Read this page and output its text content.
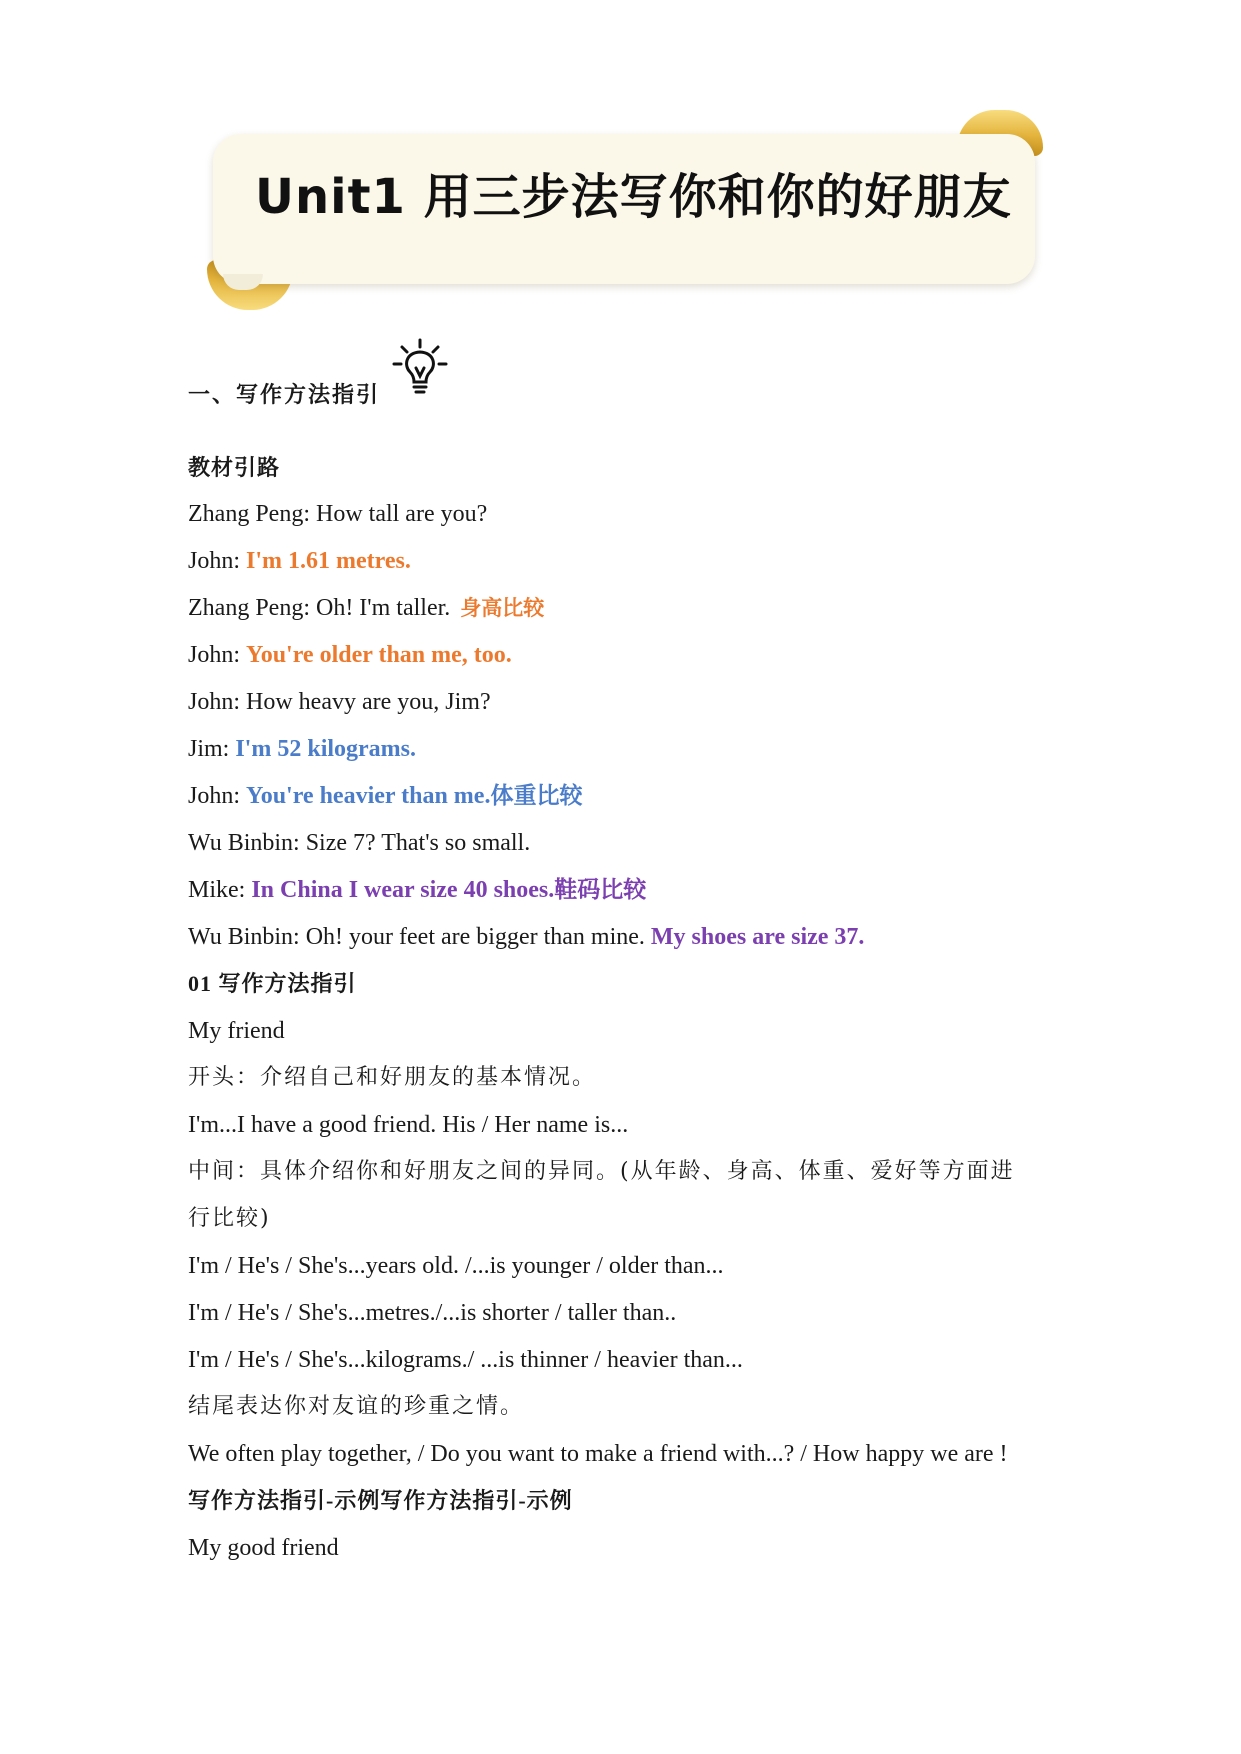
Unit1 用三步法写你和你的好朋友
一、写作方法指引
教材引路
Zhang Peng: How tall are you?
John: I'm 1.61 metres.
Zhang Peng: Oh! I'm taller. 身高比较
John: You're older than me, too.
John: How heavy are you, Jim?
Jim: I'm 52 kilograms.
John: You're heavier than me.体重比较
Wu Binbin: Size 7? That's so small.
Mike: In China I wear size 40 shoes.鞋码比较
Wu Binbin: Oh! your feet are bigger than mine. My shoes are size 37.
01 写作方法指引
My friend
开头：介绍自己和好朋友的基本情况。
I'm...I have a good friend. His / Her name is...
中间：具体介绍你和好朋友之间的异同。(从年龄、身高、体重、爱好等方面进
行比较)
I'm / He's / She's...years old. /...is younger / older than...
I'm / He's / She's...metres./...is shorter / taller than..
I'm / He's / She's...kilograms./ ...is thinner / heavier than...
结尾表达你对友谊的珍重之情。
We often play together, / Do you want to make a friend with...? / How happy we are !
写作方法指引-示例写作方法指引-示例
My good friend
